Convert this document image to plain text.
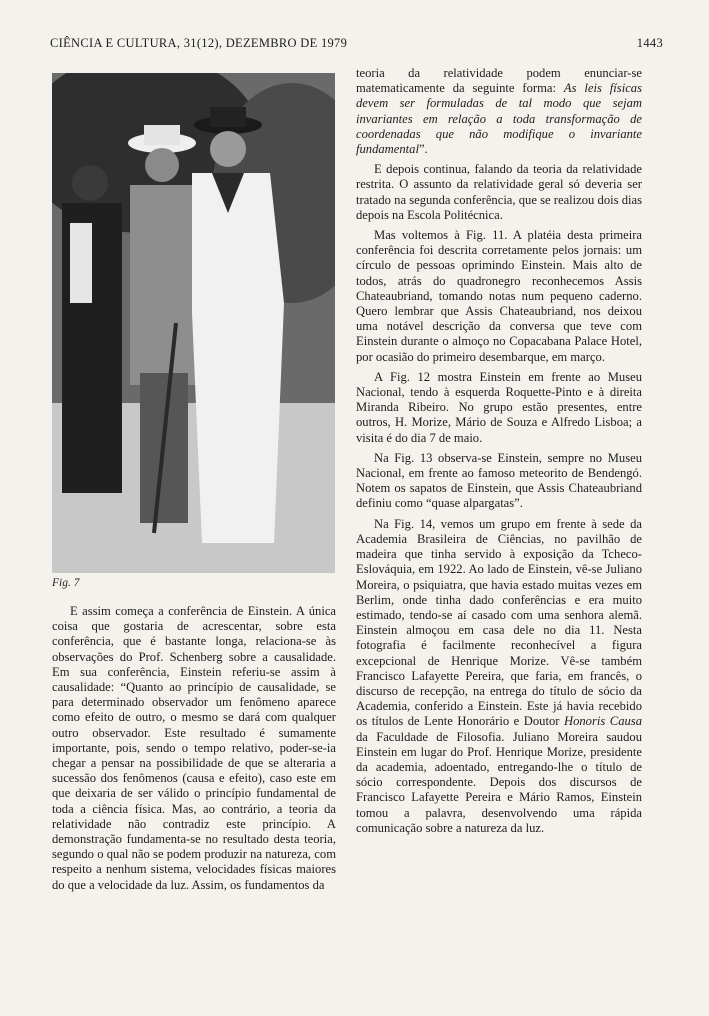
CIÊNCIA E CULTURA, 31(12), DEZEMBRO DE 1979	1443
Fig. 7

E assim começa a conferência de Einstein. A única coisa que gostaria de acrescentar, sobre esta conferência, que é bastante longa, relaciona-se às observações do Prof. Schenberg sobre a causalidade. Em sua conferência, Einstein referiu-se assim à causalidade: “Quanto ao princípio de causalidade, se para determinado observador um fenômeno aparece como efeito de outro, o mesmo se dará com qualquer outro observador. Este resultado é sumamente importante, pois, sendo o tempo relativo, poder-se-ia chegar a pensar na possibilidade de que se alteraria a sucessão dos fenômenos (causa e efeito), caso este em que deixaria de ser válido o princípio fundamental de toda a ciência física. Mas, ao contrário, a teoria da relatividade não contradiz este princípio. A demonstração fundamenta-se no resultado desta teoria, segundo o qual não se podem produzir na natureza, com respeito a nenhum sistema, velocidades físicas maiores do que a velocidade da luz. Assim, os fundamentos da

teoria da relatividade podem enunciar-se matematicamente da seguinte forma: As leis físicas devem ser formuladas de tal modo que sejam invariantes em relação a toda transformação de coordenadas que não modifique o invariante fundamental”.

E depois continua, falando da teoria da relatividade restrita. O assunto da relatividade geral só deveria ser tratado na segunda conferência, que se realizou dois dias depois na Escola Politécnica.

Mas voltemos à Fig. 11. A platéia desta primeira conferência foi descrita corretamente pelos jornais: um círculo de pessoas oprimindo Einstein. Mais alto de todos, atrás do quadronegro reconhecemos Assis Chateaubriand, tomando notas num pequeno caderno. Quero lembrar que Assis Chateaubriand, nos deixou uma notável descrição da conversa que teve com Einstein durante o almoço no Copacabana Palace Hotel, por ocasião do primeiro desembarque, em março.

A Fig. 12 mostra Einstein em frente ao Museu Nacional, tendo à esquerda Roquette-Pinto e à direita Miranda Ribeiro. No grupo estão presentes, entre outros, H. Morize, Mário de Souza e Alfredo Lisboa; a visita é do dia 7 de maio.

Na Fig. 13 observa-se Einstein, sempre no Museu Nacional, em frente ao famoso meteorito de Bendengó. Notem os sapatos de Einstein, que Assis Chateaubriand definiu como “quase alpargatas”.

Na Fig. 14, vemos um grupo em frente à sede da Academia Brasileira de Ciências, no pavilhão de madeira que tinha servido à exposição da Tcheco-Eslováquia, em 1922. Ao lado de Einstein, vê-se Juliano Moreira, o psiquiatra, que havia estado muitas vezes em Berlim, onde tinha dado conferências e era muito estimado, tendo-se aí casado com uma senhora alemã. Einstein almoçou em casa dele no dia 11. Nesta fotografia é facilmente reconhecível a figura excepcional de Henrique Morize. Vê-se também Francisco Lafayette Pereira, que faria, em francês, o discurso de recepção, na entrega do título de sócio da Academia, conferido a Einstein. Este já havia recebido os títulos de Lente Honorário e Doutor Honoris Causa da Faculdade de Filosofia. Juliano Moreira saudou Einstein em lugar do Prof. Henrique Morize, presidente da academia, adoentado, entregando-lhe o título de sócio correspondente. Depois dos discursos de Francisco Lafayette Pereira e Mário Ramos, Einstein tomou a palavra, desenvolvendo uma rápida comunicação sobre a natureza da luz.
